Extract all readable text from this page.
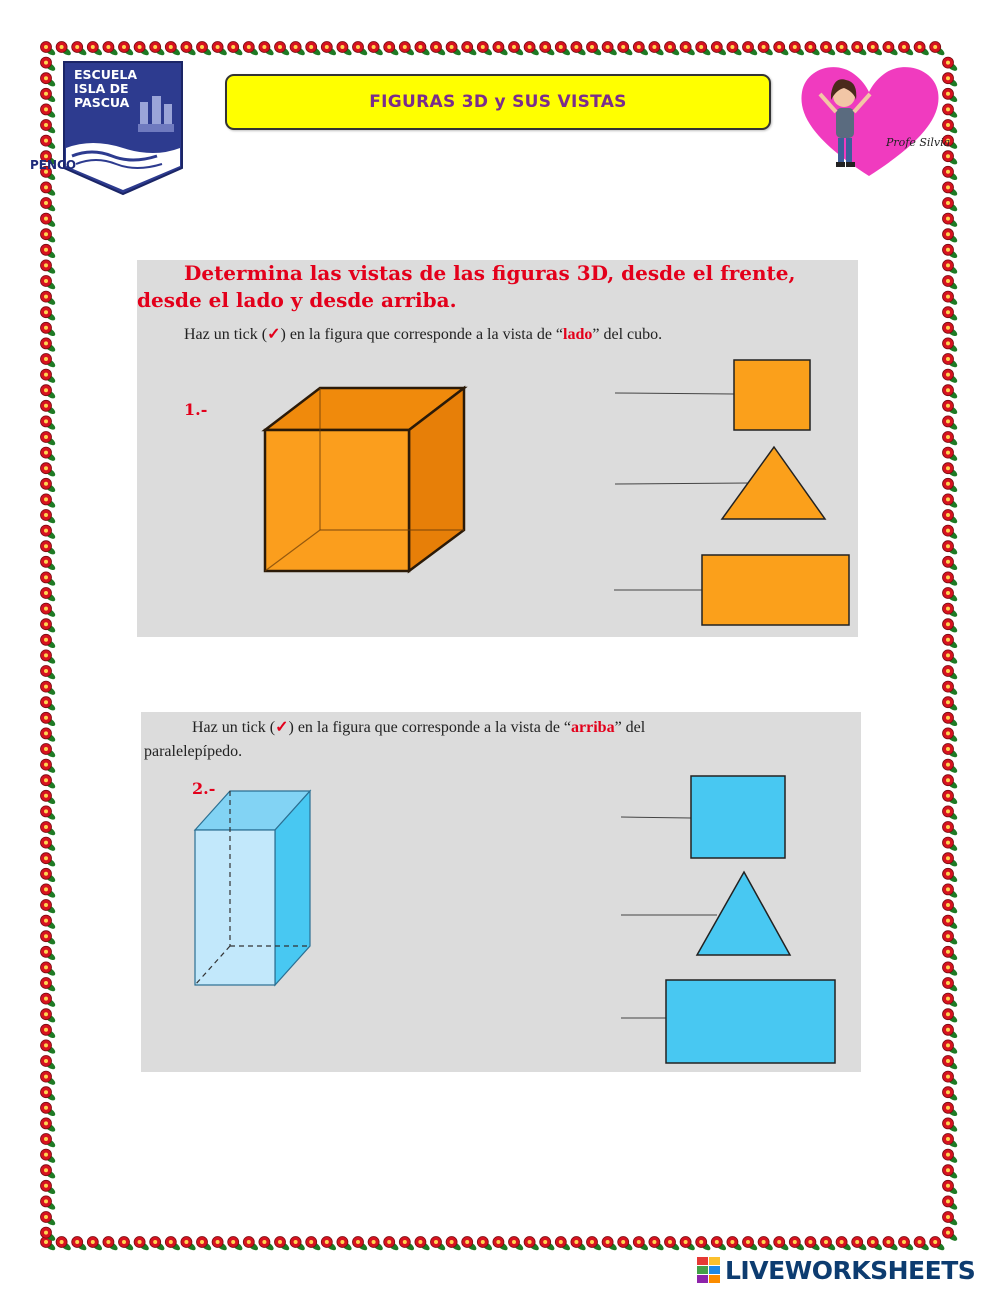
ESCUELA
ISLA DE
PASCUA
PENCO
FIGURAS 3D y SUS VISTAS
Profe Silvia
Determina las vistas de las figuras 3D, desde el frente, desde el lado y desde arriba.
Haz un tick (✓) en la figura que corresponde a la vista de “lado” del cubo.
1.-
Haz un tick (✓) en la figura que corresponde a la vista de “arriba” del
paralelepípedo.
2.-
LIVEWORKSHEETS
